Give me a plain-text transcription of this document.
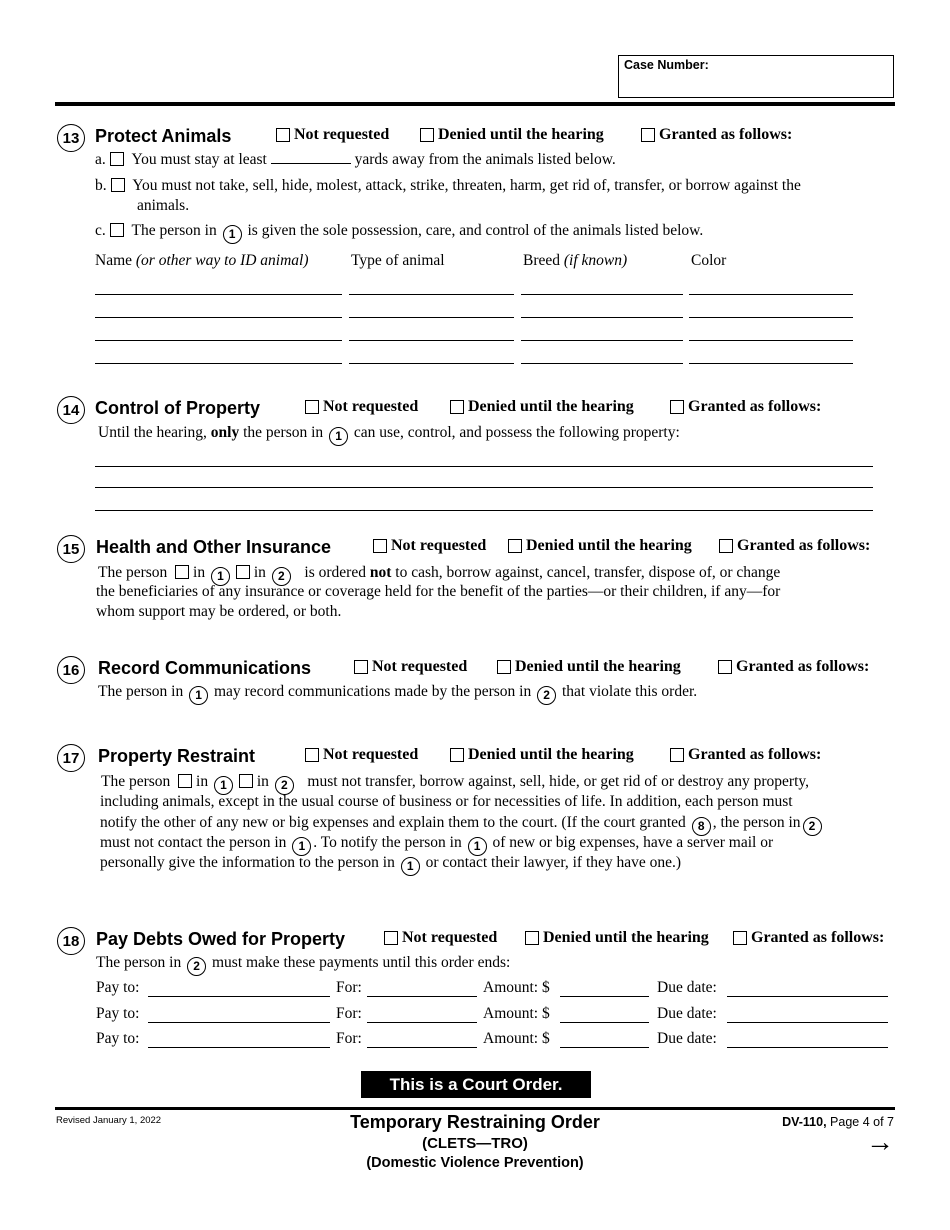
Case Number:
13 Protect Animals	Not requested	Denied until the hearing	Granted as follows:
a. You must stay at least	yards away from the animals listed below.
b. You must not take, sell, hide, molest, attack, strike, threaten, harm, get rid of, transfer, or borrow against the
animals.
c. The person in 1 is given the sole possession, care, and control of the animals listed below.
Name (or other way to ID animal)	Type of animal	Breed (if known)	Color
14 Control of Property	Not requested	Denied until the hearing	Granted as follows:
Until the hearing, only the person in 1 can use, control, and possess the following property:
15 Health and Other Insurance	Not requested Denied until the hearing	Granted as follows:
The person in 1 in 2 is ordered not to cash, borrow against, cancel, transfer, dispose of, or change
the beneficiaries of any insurance or coverage held for the benefit of the parties—or their children, if any—for
whom support may be ordered, or both.
16	Record Communications	Not requested	Denied until the hearing	Granted as follows:
The person in 1 may record communications made by the person in 2 that violate this order.
17	Property Restraint	Not requested	Denied until the hearing	Granted as follows:
The person in 1 in 2 must not transfer, borrow against, sell, hide, or get rid of or destroy any property,
including animals, except in the usual course of business or for necessities of life. In addition, each person must
notify the other of any new or big expenses and explain them to the court. (If the court granted 8 , the person in 2
must not contact the person in 1 . To notify the person in 1 of new or big expenses, have a server mail or
personally give the information to the person in 1 or contact their lawyer, if they have one.)
18 Pay Debts Owed for Property	Not requested	Denied until the hearing	Granted as follows:
The person in 2 must make these payments until this order ends:
Pay to:	For:	Amount: $	Due date:
Pay to:	For:	Amount: $	Due date:
Pay to:	For:	Amount: $	Due date:
This is a Court Order.
Revised January 1, 2022	Temporary Restraining Order
(CLETS—TRO)
(Domestic Violence Prevention)
DV-110, Page 4 of 7
→
